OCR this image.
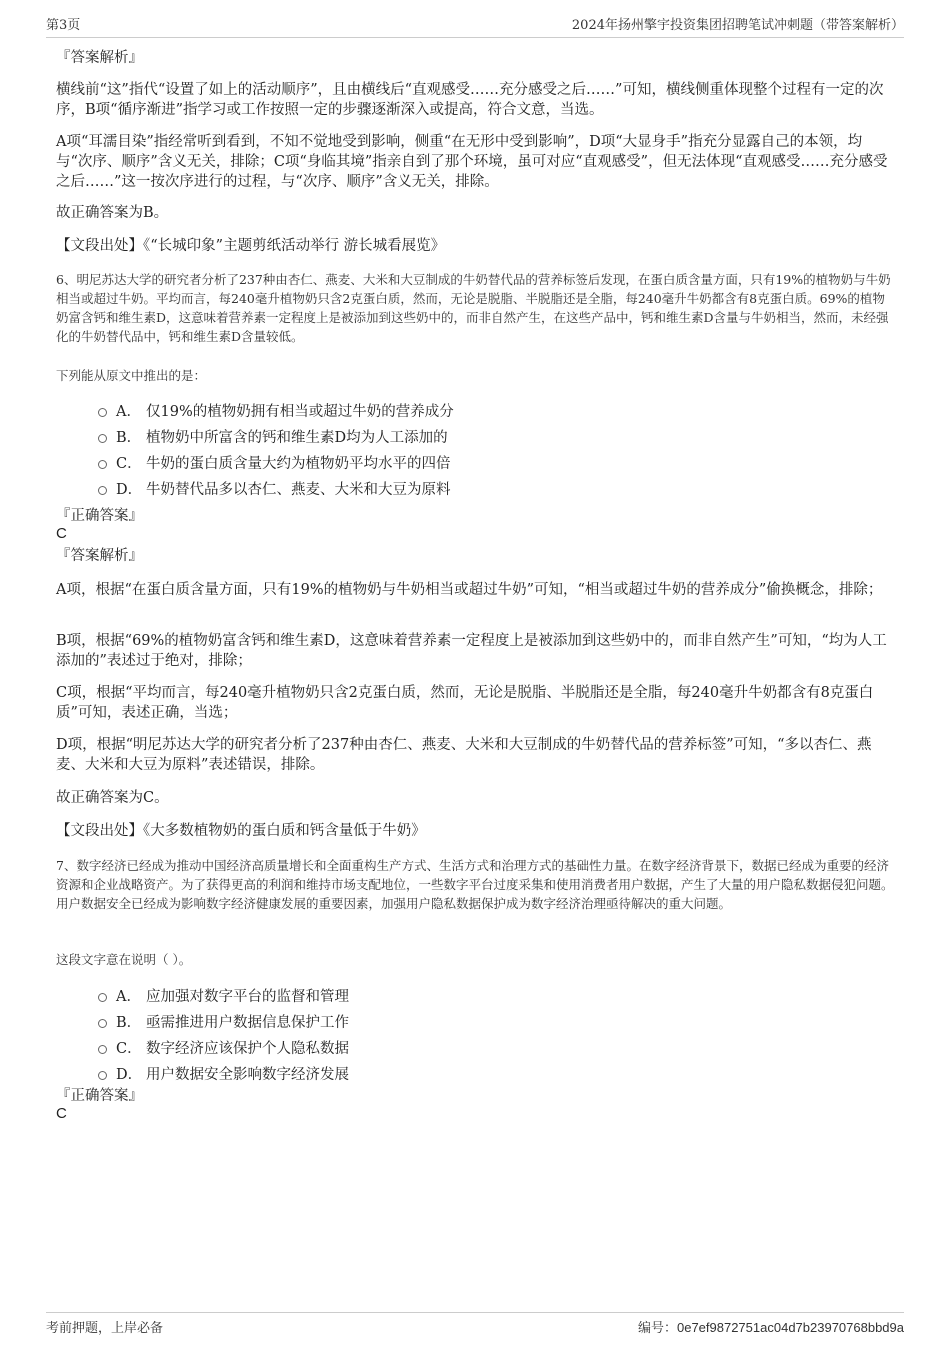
第3页	2024年扬州擎宇投资集团招聘笔试冲刺题（带答案解析）
『答案解析』
横线前“这”指代“设置了如上的活动顺序”，且由横线后“直观感受……充分感受之后……”可知，横线侧重体现整个过程有一定的次序，B项“循序渐进”指学习或工作按照一定的步骤逐渐深入或提高，符合文意，当选。
A项“耳濡目染”指经常听到看到，不知不觉地受到影响，侧重“在无形中受到影响”，D项“大显身手”指充分显露自己的本领，均与“次序、顺序”含义无关，排除；C项“身临其境”指亲自到了那个环境，虽可对应“直观感受”，但无法体现“直观感受……充分感受之后……”这一按次序进行的过程，与“次序、顺序”含义无关，排除。
故正确答案为B。
【文段出处】《“长城印象”主题剪纸活动举行 游长城看展览》
6、明尼苏达大学的研究者分析了237种由杏仁、燕麦、大米和大豆制成的牛奶替代品的营养标签后发现，在蛋白质含量方面，只有19%的植物奶与牛奶相当或超过牛奶。平均而言，每240毫升植物奶只含2克蛋白质，然而，无论是脱脂、半脱脂还是全脂，每240毫升牛奶都含有8克蛋白质。69%的植物奶富含钙和维生素D，这意味着营养素一定程度上是被添加到这些奶中的，而非自然产生，在这些产品中，钙和维生素D含量与牛奶相当，然而，未经强化的牛奶替代品中，钙和维生素D含量较低。
下列能从原文中推出的是：
A． 仅19%的植物奶拥有相当或超过牛奶的营养成分
B． 植物奶中所富含的钙和维生素D均为人工添加的
C． 牛奶的蛋白质含量大约为植物奶平均水平的四倍
D． 牛奶替代品多以杏仁、燕麦、大米和大豆为原料
『正确答案』
C
『答案解析』
A项，根据“在蛋白质含量方面，只有19%的植物奶与牛奶相当或超过牛奶”可知，“相当或超过牛奶的营养成分”偷换概念，排除；
B项，根据“69%的植物奶富含钙和维生素D，这意味着营养素一定程度上是被添加到这些奶中的，而非自然产生”可知，“均为人工添加的”表述过于绝对，排除；
C项，根据“平均而言，每240毫升植物奶只含2克蛋白质，然而，无论是脱脂、半脱脂还是全脂，每240毫升牛奶都含有8克蛋白质”可知，表述正确，当选；
D项，根据“明尼苏达大学的研究者分析了237种由杏仁、燕麦、大米和大豆制成的牛奶替代品的营养标签”可知，“多以杏仁、燕麦、大米和大豆为原料”表述错误，排除。
故正确答案为C。
【文段出处】《大多数植物奶的蛋白质和钙含量低于牛奶》
7、数字经济已经成为推动中国经济高质量增长和全面重构生产方式、生活方式和治理方式的基础性力量。在数字经济背景下，数据已经成为重要的经济资源和企业战略资产。为了获得更高的利润和维持市场支配地位，一些数字平台过度采集和使用消费者用户数据，产生了大量的用户隐私数据侵犯问题。用户数据安全已经成为影响数字经济健康发展的重要因素，加强用户隐私数据保护成为数字经济治理亟待解决的重大问题。
这段文字意在说明（ ）。
A． 应加强对数字平台的监督和管理
B． 亟需推进用户数据信息保护工作
C． 数字经济应该保护个人隐私数据
D． 用户数据安全影响数字经济发展
『正确答案』
C
考前押题，上岸必备	编号：0e7ef9872751ac04d7b23970768bbd9a
